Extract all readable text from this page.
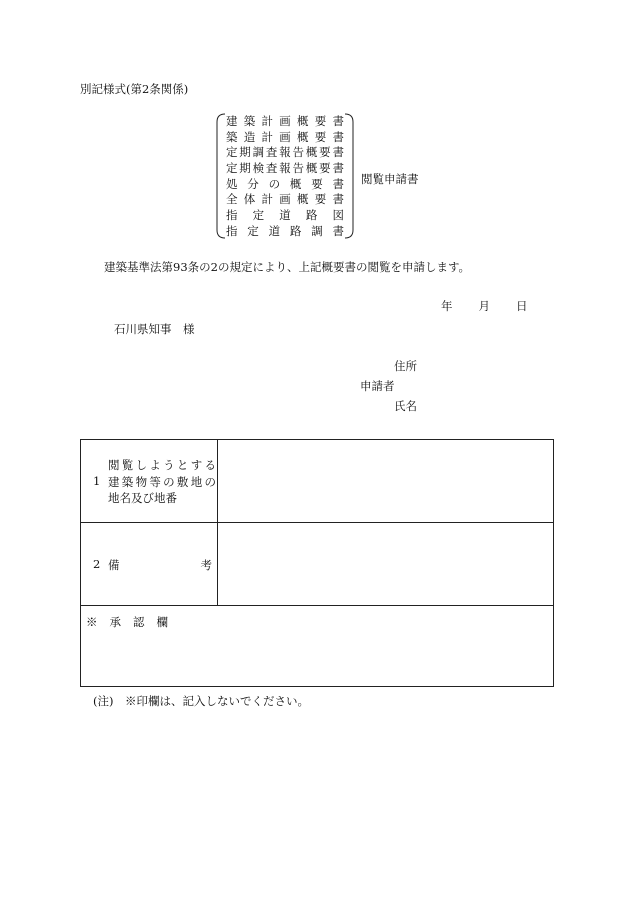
別記様式(第2条関係)
建築計画概要書
築造計画概要書
定期調査報告概要書
定期検査報告概要書
処分の概要書
全体計画概要書
指定道路図
指定道路調書
閲覧申請書
建築基準法第93条の2の規定により、上記概要書の閲覧を申請します。
年 月 日
石川県知事　様
住所
申請者
氏名
1
閲覧しようとする
建築物等の敷地の
地名及び地番
2 備考
※承認欄
(注)　※印欄は、記入しないでください。
